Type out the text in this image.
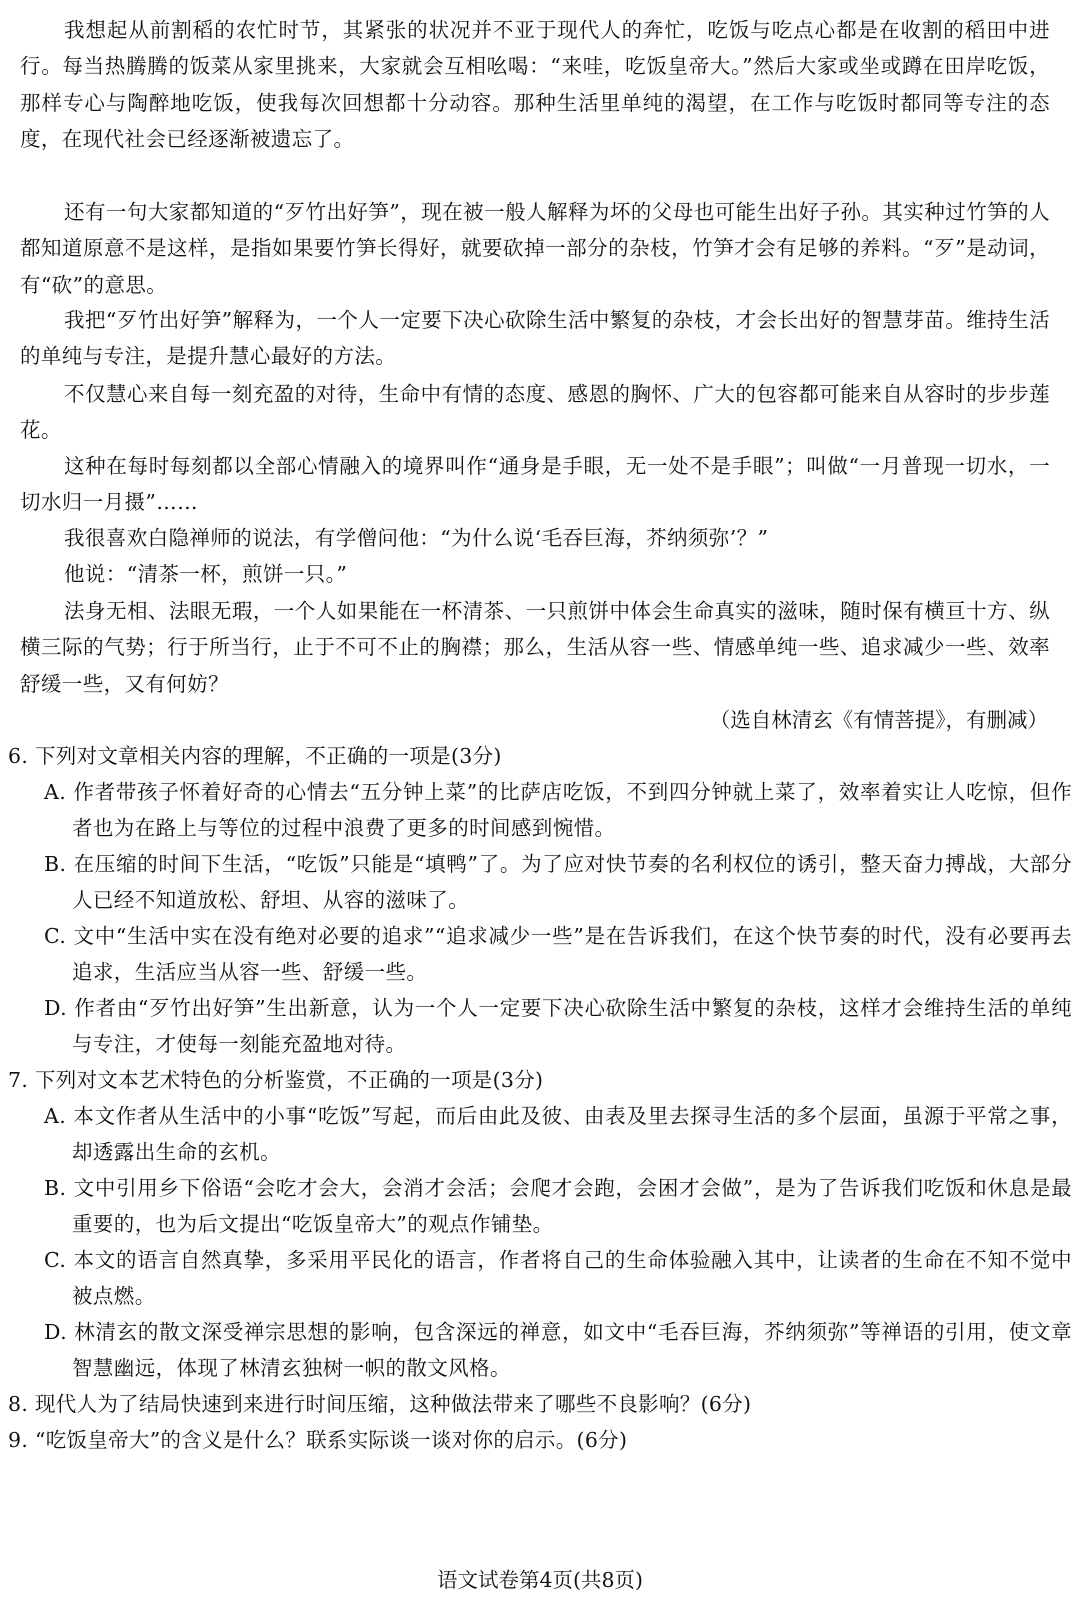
我想起从前割稻的农忙时节，其紧张的状况并不亚于现代人的奔忙，吃饭与吃点心都是在收割的稻田中进行。每当热腾腾的饭菜从家里挑来，大家就会互相吆喝：“来哇，吃饭皇帝大。”然后大家或坐或蹲在田岸吃饭，那样专心与陶醉地吃饭，使我每次回想都十分动容。那种生活里单纯的渴望，在工作与吃饭时都同等专注的态度，在现代社会已经逐渐被遗忘了。

还有一句大家都知道的“歹竹出好笋”，现在被一般人解释为坏的父母也可能生出好子孙。其实种过竹笋的人都知道原意不是这样，是指如果要竹笋长得好，就要砍掉一部分的杂枝，竹笋才会有足够的养料。“歹”是动词，有“砍”的意思。

我把“歹竹出好笋”解释为，一个人一定要下决心砍除生活中繁复的杂枝，才会长出好的智慧芽苗。维持生活的单纯与专注，是提升慧心最好的方法。

不仅慧心来自每一刻充盈的对待，生命中有情的态度、感恩的胸怀、广大的包容都可能来自从容时的步步莲花。

这种在每时每刻都以全部心情融入的境界叫作“通身是手眼，无一处不是手眼”；叫做“一月普现一切水，一切水归一月摄”……

我很喜欢白隐禅师的说法，有学僧问他：“为什么说‘毛吞巨海，芥纳须弥’？”

他说：“清茶一杯，煎饼一只。”

法身无相、法眼无瑕，一个人如果能在一杯清茶、一只煎饼中体会生命真实的滋味，随时保有横亘十方、纵横三际的气势；行于所当行，止于不可不止的胸襟；那么，生活从容一些、情感单纯一些、追求减少一些、效率舒缓一些，又有何妨？

（选自林清玄《有情菩提》，有删减）

6. 下列对文章相关内容的理解，不正确的一项是(3分)

A. 作者带孩子怀着好奇的心情去“五分钟上菜”的比萨店吃饭，不到四分钟就上菜了，效率着实让人吃惊，但作者也为在路上与等位的过程中浪费了更多的时间感到惋惜。

B. 在压缩的时间下生活，“吃饭”只能是“填鸭”了。为了应对快节奏的名利权位的诱引，整天奋力搏战，大部分人已经不知道放松、舒坦、从容的滋味了。

C. 文中“生活中实在没有绝对必要的追求”“追求减少一些”是在告诉我们，在这个快节奏的时代，没有必要再去追求，生活应当从容一些、舒缓一些。

D. 作者由“歹竹出好笋”生出新意，认为一个人一定要下决心砍除生活中繁复的杂枝，这样才会维持生活的单纯与专注，才使每一刻能充盈地对待。

7. 下列对文本艺术特色的分析鉴赏，不正确的一项是(3分)

A. 本文作者从生活中的小事“吃饭”写起，而后由此及彼、由表及里去探寻生活的多个层面，虽源于平常之事，却透露出生命的玄机。

B. 文中引用乡下俗语“会吃才会大，会消才会活；会爬才会跑，会困才会做”，是为了告诉我们吃饭和休息是最重要的，也为后文提出“吃饭皇帝大”的观点作铺垫。

C. 本文的语言自然真挚，多采用平民化的语言，作者将自己的生命体验融入其中，让读者的生命在不知不觉中被点燃。

D. 林清玄的散文深受禅宗思想的影响，包含深远的禅意，如文中“毛吞巨海，芥纳须弥”等禅语的引用，使文章智慧幽远，体现了林清玄独树一帜的散文风格。

8. 现代人为了结局快速到来进行时间压缩，这种做法带来了哪些不良影响？(6分)

9. “吃饭皇帝大”的含义是什么？联系实际谈一谈对你的启示。(6分)

语文试卷第4页(共8页)
